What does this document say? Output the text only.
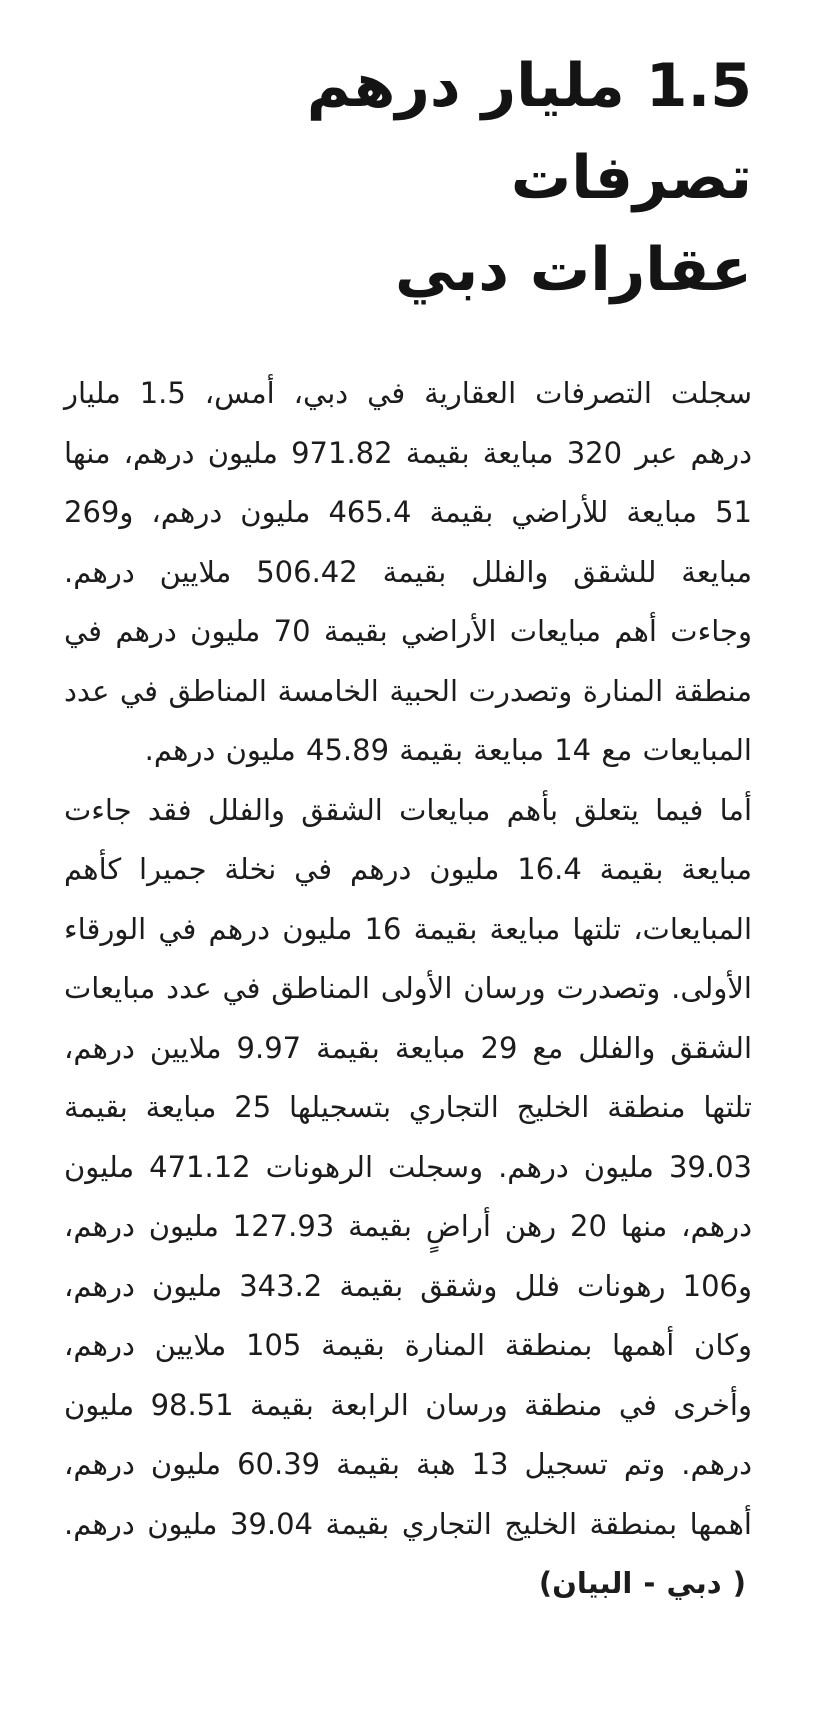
1.5 مليار درهم تصرفات
عقارات دبي

سجلت التصرفات العقارية في دبي، أمس، 1.5 مليار درهم عبر 320 مبايعة بقيمة 971.82 مليون درهم، منها 51 مبايعة للأراضي بقيمة 465.4 مليون درهم، و269 مبايعة للشقق والفلل بقيمة 506.42 ملايين درهم. وجاءت أهم مبايعات الأراضي بقيمة 70 مليون درهم في منطقة المنارة وتصدرت الحبية الخامسة المناطق في عدد المبايعات مع 14 مبايعة بقيمة 45.89 مليون درهم.

أما فيما يتعلق بأهم مبايعات الشقق والفلل فقد جاءت مبايعة بقيمة 16.4 مليون درهم في نخلة جميرا كأهم المبايعات، تلتها مبايعة بقيمة 16 مليون درهم في الورقاء الأولى. وتصدرت ورسان الأولى المناطق في عدد مبايعات الشقق والفلل مع 29 مبايعة بقيمة 9.97 ملايين درهم، تلتها منطقة الخليج التجاري بتسجيلها 25 مبايعة بقيمة 39.03 مليون درهم. وسجلت الرهونات 471.12 مليون درهم، منها 20 رهن أراضٍ بقيمة 127.93 مليون درهم، و106 رهونات فلل وشقق بقيمة 343.2 مليون درهم، وكان أهمها بمنطقة المنارة بقيمة 105 ملايين درهم، وأخرى في منطقة ورسان الرابعة بقيمة 98.51 مليون درهم. وتم تسجيل 13 هبة بقيمة 60.39 مليون درهم، أهمها بمنطقة الخليج التجاري بقيمة 39.04 مليون درهم. ( دبي - البيان)
